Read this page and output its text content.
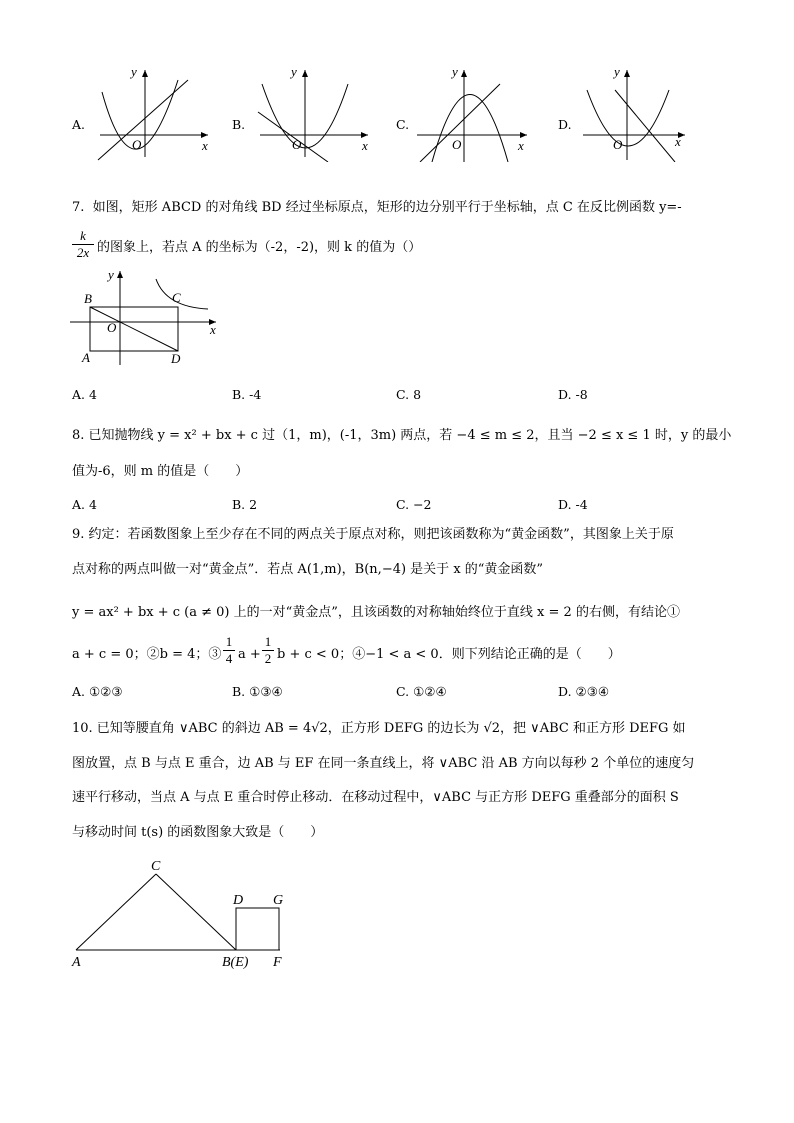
A.
y
x
O
B.
y
x
O
C.
y
x
O
D.
y
x
O
7.  如图，矩形 ABCD 的对角线 BD 经过坐标原点，矩形的边分别平行于坐标轴，点 C 在反比例函数 y=-
$\frac{k}{2x}$ 的图象上，若点 A 的坐标为（-2，-2)，则 k 的值为（）
B	C
A	D
O	x
y
A. 4	B. -4	C. 8	D. -8
8. 已知抛物线 y = x² + bx + c 过（1，m)，(-1，3m) 两点，若 −4 ≤ m ≤ 2，且当 −2 ≤ x ≤ 1 时，y 的最小
值为-6，则 m 的值是（　　）
A. 4	B. 2	C. −2	D. -4
9. 约定：若函数图象上至少存在不同的两点关于原点对称，则把该函数称为“黄金函数”，其图象上关于原
点对称的两点叫做一对“黄金点”．若点 A(1,m)，B(n,−4) 是关于 x 的“黄金函数”
y = ax² + bx + c (a ≠ 0) 上的一对“黄金点”，且该函数的对称轴始终位于直线 x = 2 的右侧，有结论①
a + c = 0；②b = 4；③ $\frac{1}{4}$ $a + \frac{1}{2}$ b + c < 0；④−1 < a < 0．则下列结论正确的是（　　）
A. ①②③	B. ①③④	C. ①②④	D. ②③④
10. 已知等腰直角 ∨ABC 的斜边 AB = 4√2，正方形 DEFG 的边长为 √2，把 ∨ABC 和正方形 DEFG 如
图放置，点 B 与点 E 重合，边 AB 与 EF 在同一条直线上，将 ∨ABC 沿 AB 方向以每秒 2 个单位的速度匀
速平行移动，当点 A 与点 E 重合时停止移动．在移动过程中，∨ABC 与正方形 DEFG 重叠部分的面积 S
与移动时间 t(s) 的函数图象大致是（　　）
C
D G
A	B(E) F
